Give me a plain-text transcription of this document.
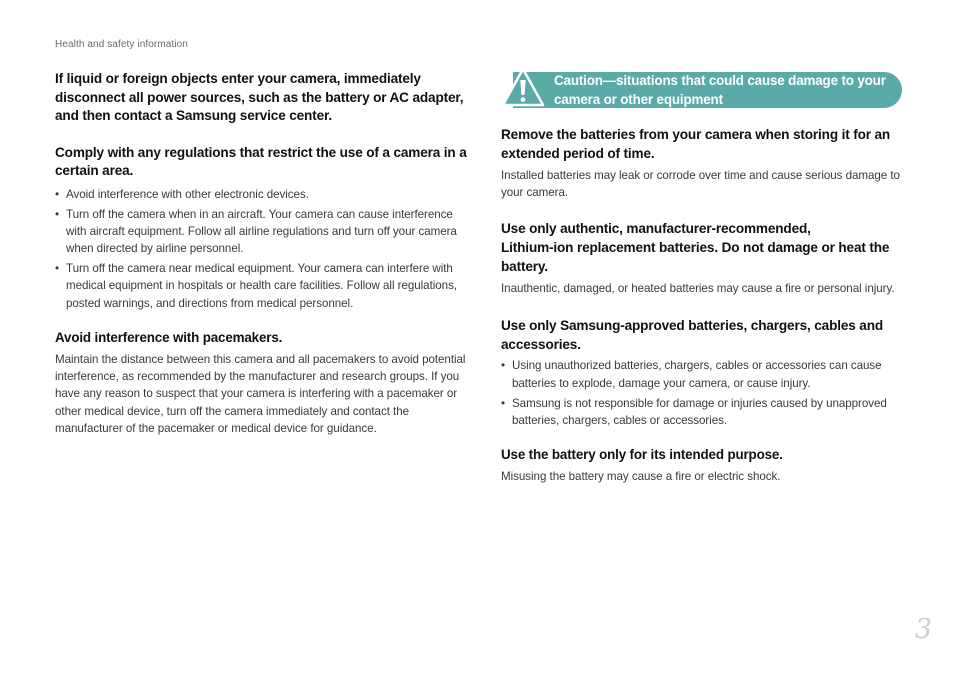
Health and safety information

If liquid or foreign objects enter your camera, immediately disconnect all power sources, such as the battery or AC adapter, and then contact a Samsung service center.

Comply with any regulations that restrict the use of a camera in a certain area.

• Avoid interference with other electronic devices.
• Turn off the camera when in an aircraft. Your camera can cause interference with aircraft equipment. Follow all airline regulations and turn off your camera when directed by airline personnel.
• Turn off the camera near medical equipment. Your camera can interfere with medical equipment in hospitals or health care facilities. Follow all regulations, posted warnings, and directions from medical personnel.

Avoid interference with pacemakers.

Maintain the distance between this camera and all pacemakers to avoid potential interference, as recommended by the manufacturer and research groups. If you have any reason to suspect that your camera is interfering with a pacemaker or other medical device, turn off the camera immediately and contact the manufacturer of the pacemaker or medical device for guidance.

Caution—situations that could cause damage to your camera or other equipment

Remove the batteries from your camera when storing it for an extended period of time.

Installed batteries may leak or corrode over time and cause serious damage to your camera.

Use only authentic, manufacturer-recommended,
Lithium-ion replacement batteries. Do not damage or heat the battery.

Inauthentic, damaged, or heated batteries may cause a fire or personal injury.

Use only Samsung-approved batteries, chargers, cables and accessories.

• Using unauthorized batteries, chargers, cables or accessories can cause batteries to explode, damage your camera, or cause injury.
• Samsung is not responsible for damage or injuries caused by unapproved batteries, chargers, cables or accessories.

Use the battery only for its intended purpose.

Misusing the battery may cause a fire or electric shock.

3
